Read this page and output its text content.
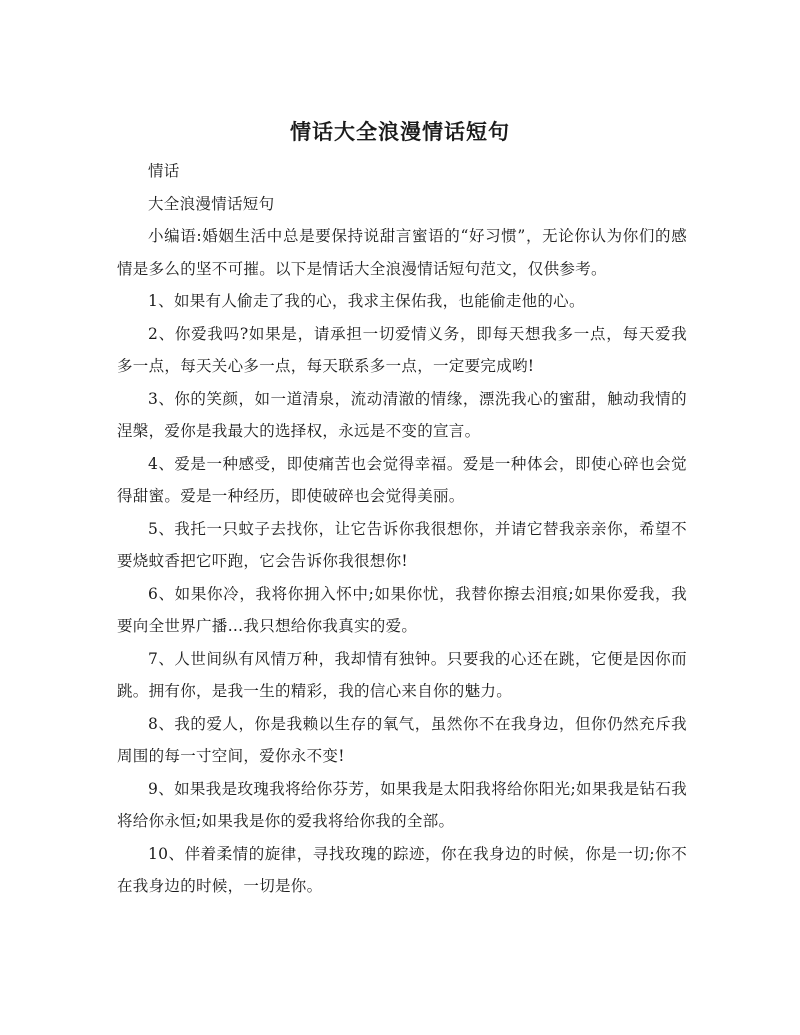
情话大全浪漫情话短句

情话

大全浪漫情话短句

小编语:婚姻生活中总是要保持说甜言蜜语的“好习惯”，无论你认为你们的感情是多么的坚不可摧。以下是情话大全浪漫情话短句范文，仅供参考。

1、如果有人偷走了我的心，我求主保佑我，也能偷走他的心。

2、你爱我吗?如果是，请承担一切爱情义务，即每天想我多一点，每天爱我多一点，每天关心多一点，每天联系多一点，一定要完成哟!

3、你的笑颜，如一道清泉，流动清澈的情缘，漂洗我心的蜜甜，触动我情的涅槃，爱你是我最大的选择权，永远是不变的宣言。

4、爱是一种感受，即使痛苦也会觉得幸福。爱是一种体会，即使心碎也会觉得甜蜜。爱是一种经历，即使破碎也会觉得美丽。

5、我托一只蚊子去找你，让它告诉你我很想你，并请它替我亲亲你，希望不要烧蚊香把它吓跑，它会告诉你我很想你!

6、如果你冷，我将你拥入怀中;如果你忧，我替你擦去泪痕;如果你爱我，我要向全世界广播…我只想给你我真实的爱。

7、人世间纵有风情万种，我却情有独钟。只要我的心还在跳，它便是因你而跳。拥有你，是我一生的精彩，我的信心来自你的魅力。

8、我的爱人，你是我赖以生存的氧气，虽然你不在我身边，但你仍然充斥我周围的每一寸空间，爱你永不变!

9、如果我是玫瑰我将给你芬芳，如果我是太阳我将给你阳光;如果我是钻石我将给你永恒;如果我是你的爱我将给你我的全部。

10、伴着柔情的旋律，寻找玫瑰的踪迹，你在我身边的时候，你是一切;你不在我身边的时候，一切是你。
